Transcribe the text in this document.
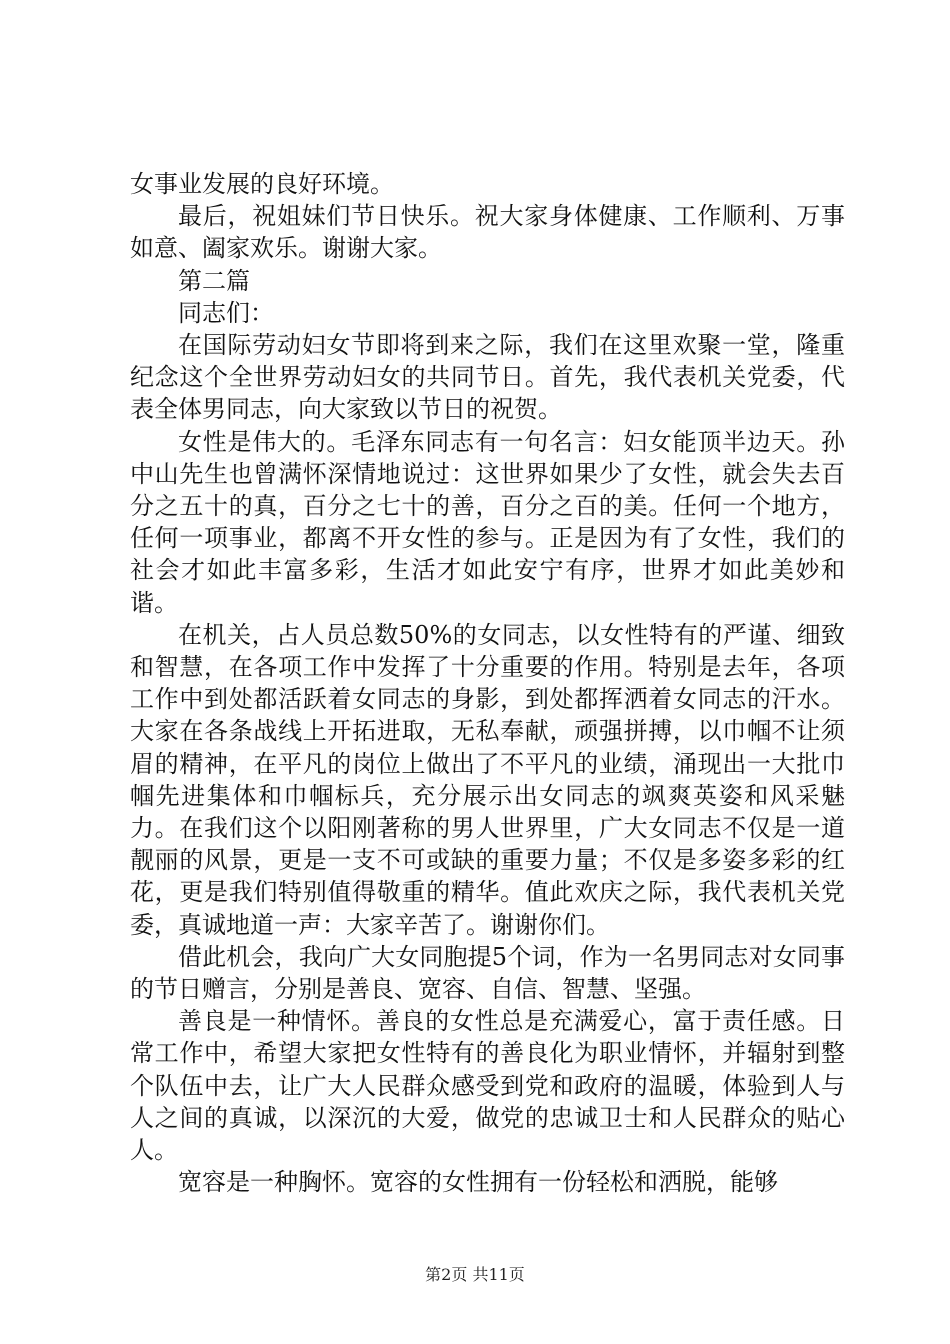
女事业发展的良好环境。

最后，祝姐妹们节日快乐。祝大家身体健康、工作顺利、万事如意、阖家欢乐。谢谢大家。

第二篇

同志们：

在国际劳动妇女节即将到来之际，我们在这里欢聚一堂，隆重纪念这个全世界劳动妇女的共同节日。首先，我代表机关党委，代表全体男同志，向大家致以节日的祝贺。

女性是伟大的。毛泽东同志有一句名言：妇女能顶半边天。孙中山先生也曾满怀深情地说过：这世界如果少了女性，就会失去百分之五十的真，百分之七十的善，百分之百的美。任何一个地方，任何一项事业，都离不开女性的参与。正是因为有了女性，我们的社会才如此丰富多彩，生活才如此安宁有序，世界才如此美妙和谐。

在机关，占人员总数50%的女同志，以女性特有的严谨、细致和智慧，在各项工作中发挥了十分重要的作用。特别是去年，各项工作中到处都活跃着女同志的身影，到处都挥洒着女同志的汗水。大家在各条战线上开拓进取，无私奉献，顽强拼搏，以巾帼不让须眉的精神，在平凡的岗位上做出了不平凡的业绩，涌现出一大批巾帼先进集体和巾帼标兵，充分展示出女同志的飒爽英姿和风采魅力。在我们这个以阳刚著称的男人世界里，广大女同志不仅是一道靓丽的风景，更是一支不可或缺的重要力量；不仅是多姿多彩的红花，更是我们特别值得敬重的精华。值此欢庆之际，我代表机关党委，真诚地道一声：大家辛苦了。谢谢你们。

借此机会，我向广大女同胞提5个词，作为一名男同志对女同事的节日赠言，分别是善良、宽容、自信、智慧、坚强。

善良是一种情怀。善良的女性总是充满爱心，富于责任感。日常工作中，希望大家把女性特有的善良化为职业情怀，并辐射到整个队伍中去，让广大人民群众感受到党和政府的温暖，体验到人与人之间的真诚，以深沉的大爱，做党的忠诚卫士和人民群众的贴心人。

宽容是一种胸怀。宽容的女性拥有一份轻松和洒脱，能够

第2页 共11页
